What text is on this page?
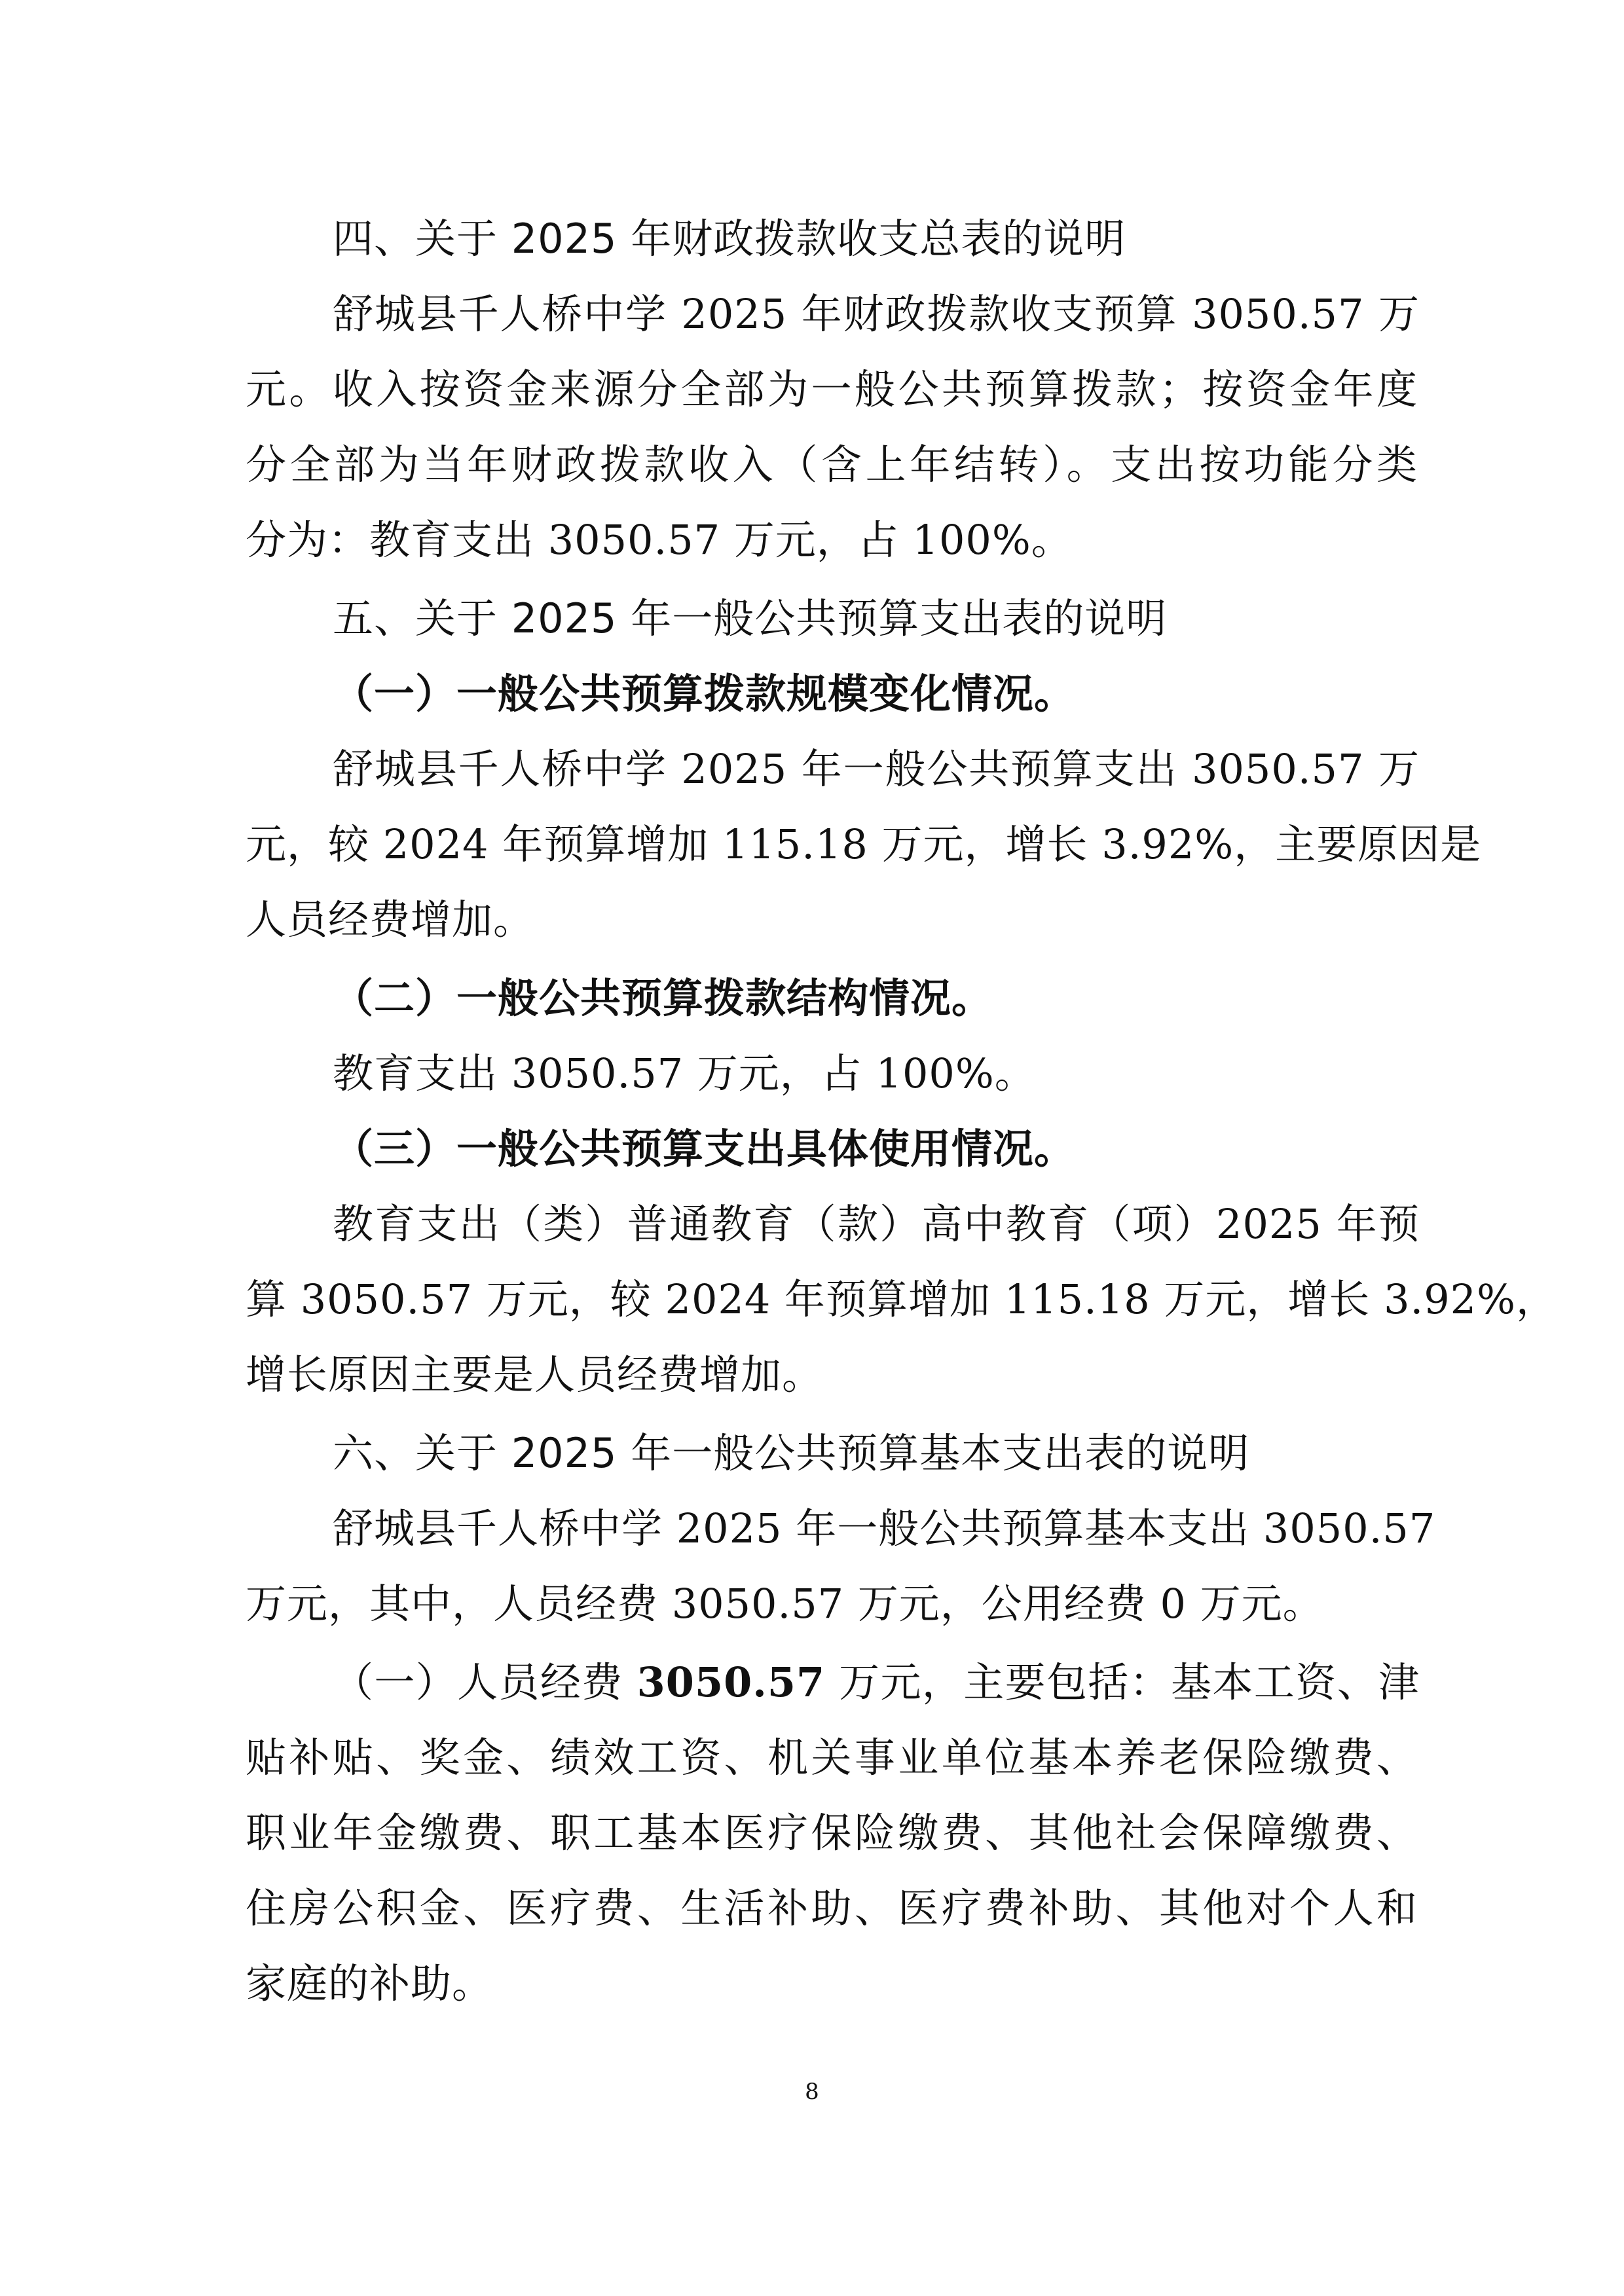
四、关于 2025 年财政拨款收支总表的说明
舒城县千人桥中学 2025 年财政拨款收支预算 3050.57 万
元。收入按资金来源分全部为一般公共预算拨款；按资金年度
分全部为当年财政拨款收入（含上年结转）。支出按功能分类
分为：教育支出 3050.57 万元，占 100%。
五、关于 2025 年一般公共预算支出表的说明
（一）一般公共预算拨款规模变化情况。
舒城县千人桥中学 2025 年一般公共预算支出 3050.57 万
元，较 2024 年预算增加 115.18 万元，增长 3.92%，主要原因是
人员经费增加。
（二）一般公共预算拨款结构情况。
教育支出 3050.57 万元，占 100%。
（三）一般公共预算支出具体使用情况。
教育支出（类）普通教育（款）高中教育（项）2025 年预
算 3050.57 万元，较 2024 年预算增加 115.18 万元，增长 3.92%，
增长原因主要是人员经费增加。
六、关于 2025 年一般公共预算基本支出表的说明
舒城县千人桥中学 2025 年一般公共预算基本支出 3050.57
万元，其中，人员经费 3050.57 万元，公用经费 0 万元。
（一）人员经费 3050.57 万元，主要包括：基本工资、津
贴补贴、奖金、绩效工资、机关事业单位基本养老保险缴费、
职业年金缴费、职工基本医疗保险缴费、其他社会保障缴费、
住房公积金、医疗费、生活补助、医疗费补助、其他对个人和
家庭的补助。
8
